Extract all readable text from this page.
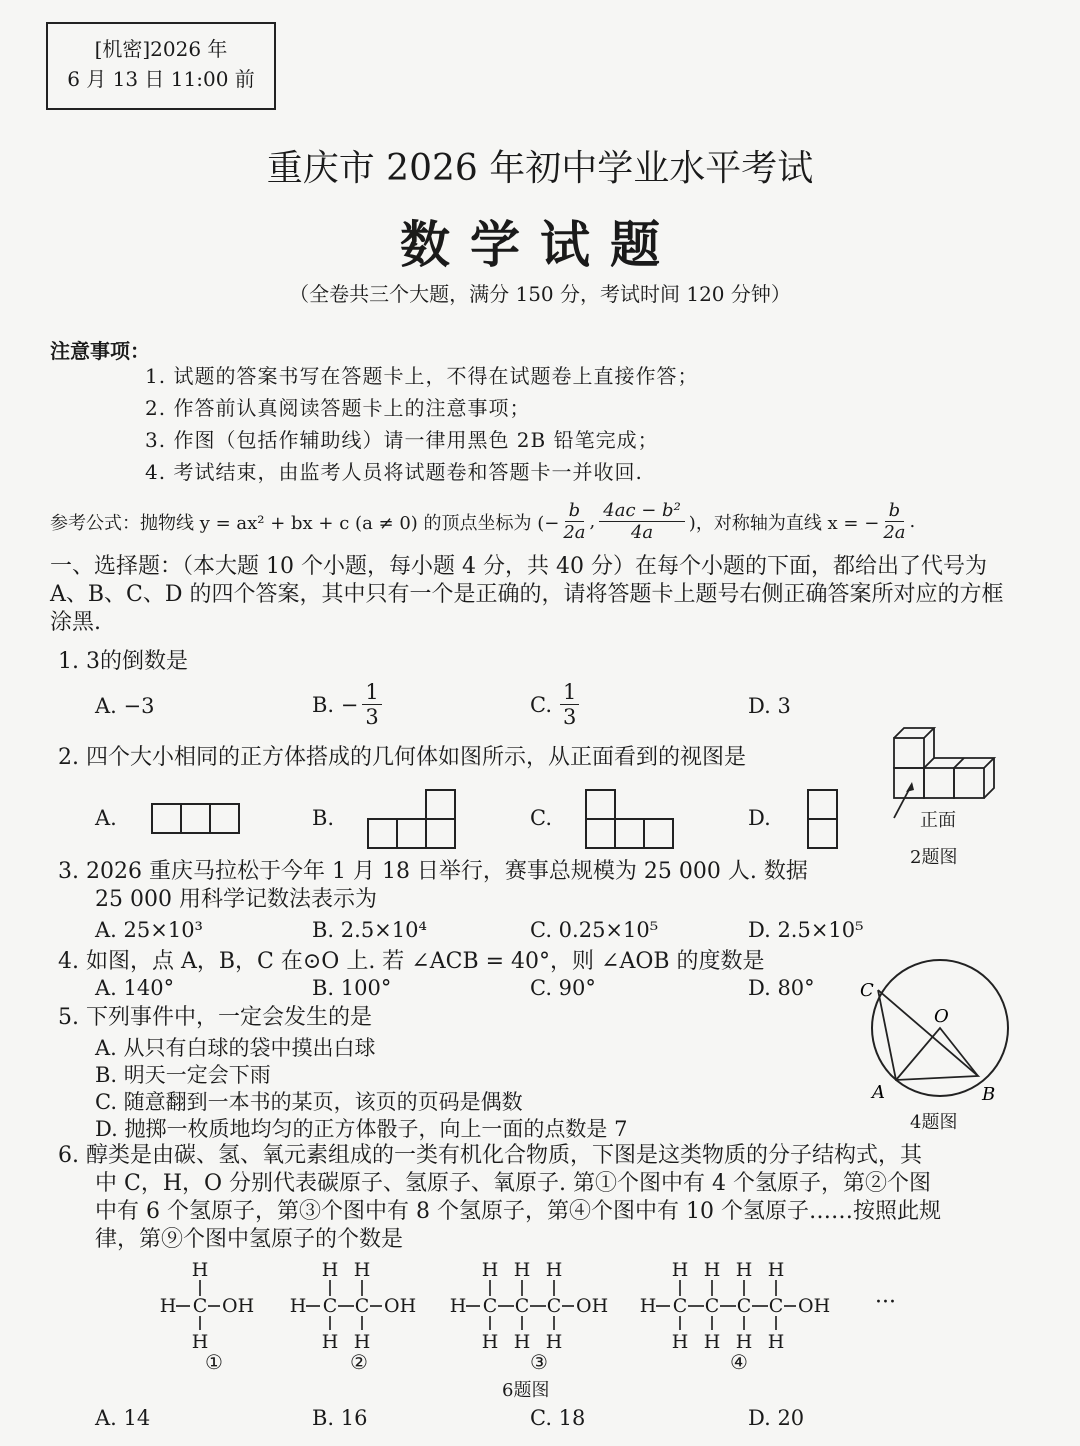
[机密]2026 年
6 月 13 日 11:00 前
重庆市 2026 年初中学业水平考试
数学试题
（全卷共三个大题，满分 150 分，考试时间 120 分钟）
注意事项：
1. 试题的答案书写在答题卡上，不得在试题卷上直接作答；
2. 作答前认真阅读答题卡上的注意事项；
3. 作图（包括作辅助线）请一律用黑色 2B 铅笔完成；
4. 考试结束，由监考人员将试题卷和答题卡一并收回.
参考公式：抛物线 y = ax² + bx + c (a ≠ 0) 的顶点坐标为 (− $\frac{b}{2a}$ , $\frac{\text{4ac − b²}}{4a}$ )，对称轴为直线 x = − $\frac{b}{2a}$ .
一、选择题：（本大题 10 个小题，每小题 4 分，共 40 分）在每个小题的下面，都给出了代号为 A、B、C、D 的四个答案，其中只有一个是正确的，请将答题卡上题号右侧正确答案所对应的方框涂黑.
1. 3的倒数是
A. −3	B. − $\frac{1}{3}$	C. $\frac{1}{3}$	D. 3
2. 四个大小相同的正方体搭成的几何体如图所示，从正面看到的视图是
A.	B.	C.	D.	正面
2题图
3. 2026 重庆马拉松于今年 1 月 18 日举行，赛事总规模为 25 000 人. 数据
25 000 用科学记数法表示为
A. 25×10³	B. 2.5×10⁴	C. 0.25×10⁵	D. 2.5×10⁵
4. 如图，点 A，B，C 在⊙O 上. 若 ∠ACB = 40°，则 ∠AOB 的度数是
A. 140°	B. 100°	C. 90°	D. 80°	C
O
A	B
4题图
5. 下列事件中，一定会发生的是
A. 从只有白球的袋中摸出白球
B. 明天一定会下雨
C. 随意翻到一本书的某页，该页的页码是偶数
D. 抛掷一枚质地均匀的正方体骰子，向上一面的点数是 7
6. 醇类是由碳、氢、氧元素组成的一类有机化合物质，下图是这类物质的分子结构式，其
中 C，H，O 分别代表碳原子、氢原子、氧原子. 第①个图中有 4 个氢原子，第②个图
中有 6 个氢原子，第③个图中有 8 个氢原子，第④个图中有 10 个氢原子……按照此规
律，第⑨个图中氢原子的个数是
H C
H
H
OH H C
H
H
C
H
H
OH H C
H
H
C
H
H
C
H
H
OH H C
H
H
C
H
H
C
H
H
C
H
H
OH
①	②	③	④
···
6题图
A. 14	B. 16	C. 18	D. 20
